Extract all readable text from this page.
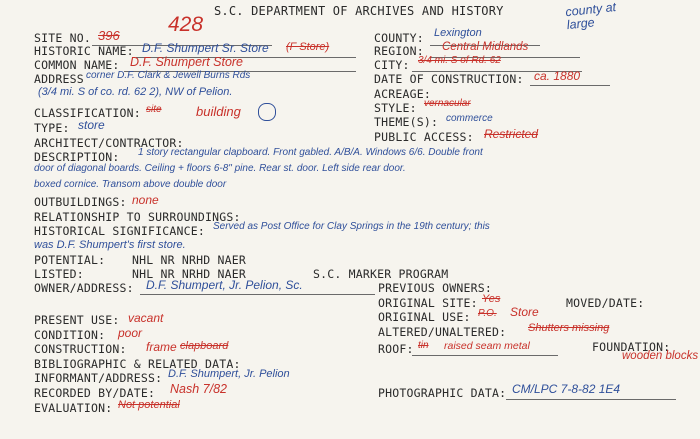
S.C. DEPARTMENT OF ARCHIVES AND HISTORY	county at large
SITE NO. 396 428
HISTORIC NAME: D.F. Shumpert Sr. Store (F Store)
COMMON NAME: D.F. Shumpert Store
ADDRESS corner D.F. Clark & Jewell Burns Rds
(3/4 mi. S of co. rd. 62 2), NW of Pelion.
CLASSIFICATION: site	building
TYPE: store
ARCHITECT/CONTRACTOR:
DESCRIPTION: 1 story rectangular clapboard. Front gabled. A/B/A. Windows 6/6. Double front
door of diagonal boards. Ceiling + floors 6-8" pine. Rear st. door. Left side rear door.
boxed cornice. Transom above double door
OUTBUILDINGS: none
RELATIONSHIP TO SURROUNDINGS:
HISTORICAL SIGNIFICANCE: Served as Post Office for Clay Springs in the 19th century; this
was D.F. Shumpert's first store.
POTENTIAL: NHL NR NRHD NAER
LISTED:	NHL NR NRHD NAER	S.C. MARKER PROGRAM
OWNER/ADDRESS: D.F. Shumpert, Jr. Pelion, Sc.
PRESENT USE: vacant
CONDITION: poor
CONSTRUCTION: frame clapboard
BIBLIOGRAPHIC & RELATED DATA:
INFORMANT/ADDRESS: D.F. Shumpert, Jr. Pelion
RECORDED BY/DATE: Nash 7/82
EVALUATION: Not potential
COUNTY: Lexington
REGION: Central Midlands
CITY: 3/4 mi. S of Rd. 62
DATE OF CONSTRUCTION: ca. 1880
ACREAGE:
STYLE: vernacular
THEME(S): commerce
PUBLIC ACCESS: Restricted
PREVIOUS OWNERS:
ORIGINAL SITE: Yes	MOVED/DATE:
ORIGINAL USE: P.O. Store
ALTERED/UNALTERED: Shutters missing
ROOF: tin raised seam metal	FOUNDATION:
wooden blocks
PHOTOGRAPHIC DATA: CM/LPC 7-8-82 1E4
